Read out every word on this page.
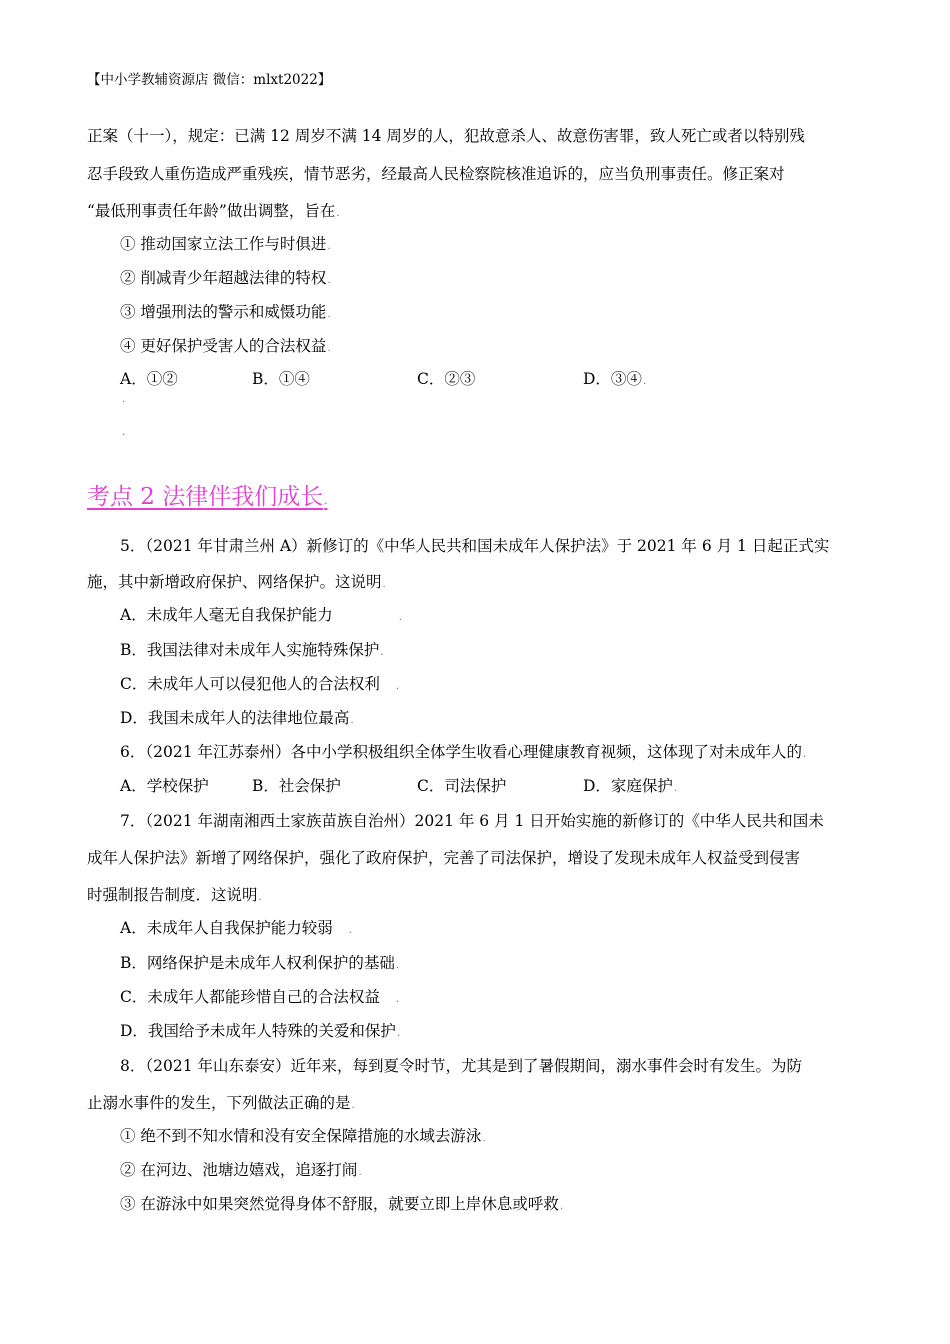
【中小学教辅资源店 微信：mlxt2022】
正案（十一），规定：已满 12 周岁不满 14 周岁的人，犯故意杀人、故意伤害罪，致人死亡或者以特别残
忍手段致人重伤造成严重残疾，情节恶劣，经最高人民检察院核准追诉的，应当负刑事责任。修正案对
“最低刑事责任年龄”做出调整，旨在.
① 推动国家立法工作与时俱进.
② 削减青少年超越法律的特权.
③ 增强刑法的警示和威慑功能.
④ 更好保护受害人的合法权益.
A．①②	B．①④	C．②③	D．③④.
.
.
考点 2 法律伴我们成长.
5．（2021 年甘肃兰州 A）新修订的《中华人民共和国未成年人保护法》于 2021 年 6 月 1 日起正式实
施，其中新增政府保护、网络保护。这说明.
A．未成年人毫无自我保护能力	.
B．我国法律对未成年人实施特殊保护.
C．未成年人可以侵犯他人的合法权利 .
D．我国未成年人的法律地位最高.
6．（2021 年江苏泰州）各中小学积极组织全体学生收看心理健康教育视频，这体现了对未成年人的.
A．学校保护	B．社会保护	C．司法保护	D．家庭保护.
7．（2021 年湖南湘西土家族苗族自治州）2021 年 6 月 1 日开始实施的新修订的《中华人民共和国未
成年人保护法》新增了网络保护，强化了政府保护，完善了司法保护，增设了发现未成年人权益受到侵害
时强制报告制度．这说明.
A．未成年人自我保护能力较弱 .
B．网络保护是未成年人权利保护的基础.
C．未成年人都能珍惜自己的合法权益 .
D．我国给予未成年人特殊的关爱和保护.
8．（2021 年山东泰安）近年来，每到夏令时节，尤其是到了暑假期间，溺水事件会时有发生。为防
止溺水事件的发生，下列做法正确的是.
① 绝不到不知水情和没有安全保障措施的水域去游泳.
② 在河边、池塘边嬉戏，追逐打闹.
③ 在游泳中如果突然觉得身体不舒服，就要立即上岸休息或呼救.
